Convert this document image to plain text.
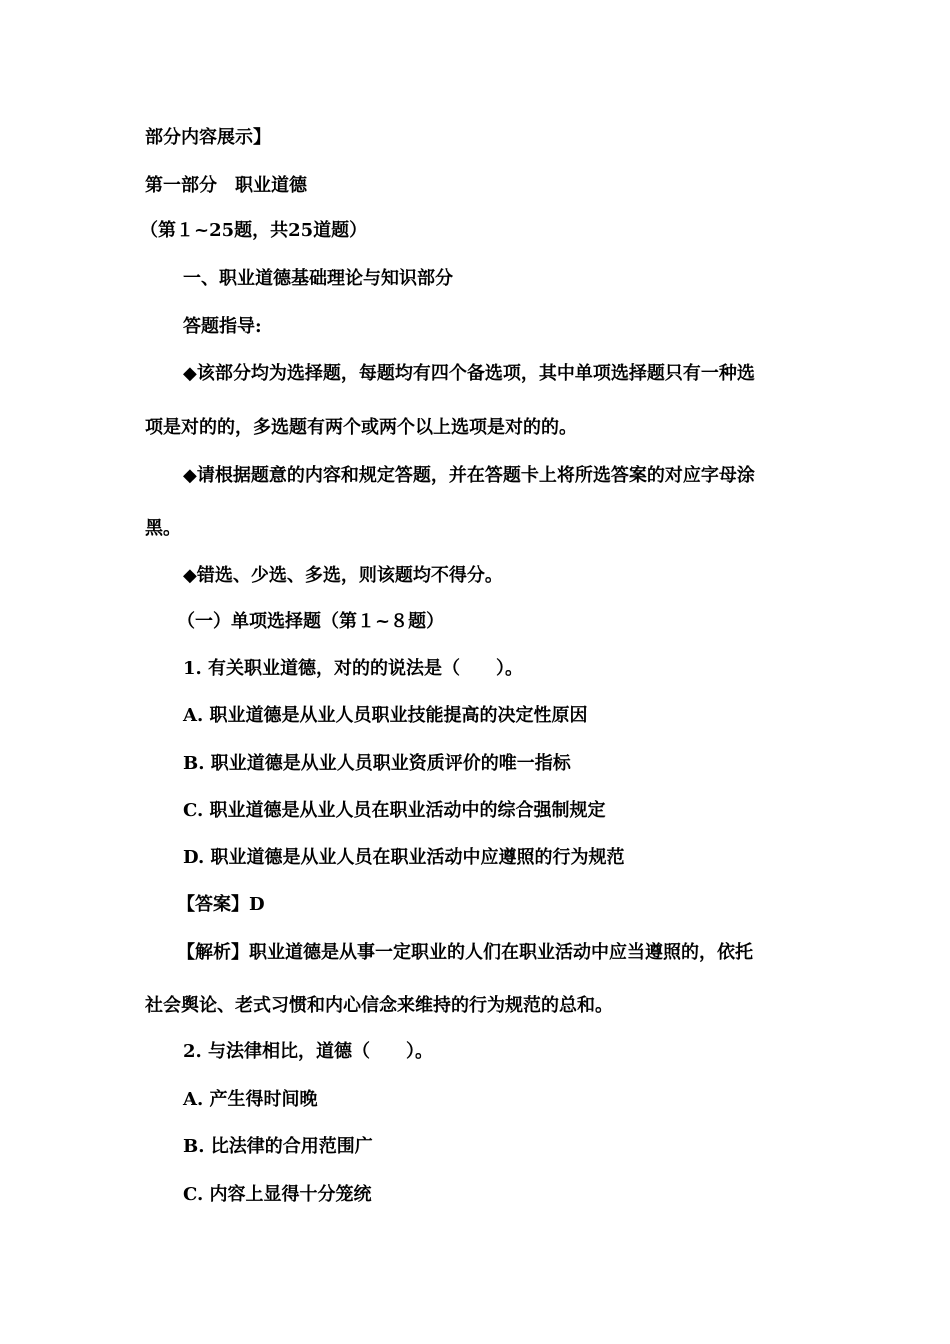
部分内容展示】
第一部分　职业道德
（第１~25题，共25道题）
一、职业道德基础理论与知识部分
答题指导:
◆该部分均为选择题，每题均有四个备选项，其中单项选择题只有一种选
项是对的的，多选题有两个或两个以上选项是对的的。
◆请根据题意的内容和规定答题，并在答题卡上将所选答案的对应字母涂
黑。
◆错选、少选、多选，则该题均不得分。
（一）单项选择题（第１~８题）
1. 有关职业道德，对的的说法是（　　）。
A. 职业道德是从业人员职业技能提高的决定性原因
B. 职业道德是从业人员职业资质评价的唯一指标
C. 职业道德是从业人员在职业活动中的综合强制规定
D. 职业道德是从业人员在职业活动中应遵照的行为规范
【答案】D
【解析】职业道德是从事一定职业的人们在职业活动中应当遵照的，依托
社会舆论、老式习惯和内心信念来维持的行为规范的总和。
2. 与法律相比，道德（　　）。
A. 产生得时间晚
B. 比法律的合用范围广
C. 内容上显得十分笼统
